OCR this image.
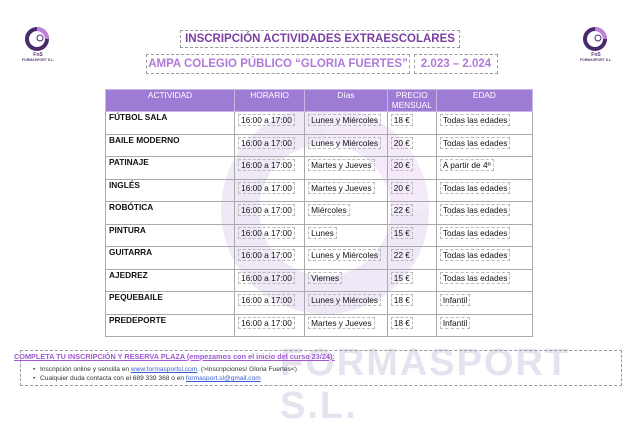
FnS
FORMASPORT S.L.
FnS
FORMASPORT S.L.
INSCRIPCIÓN ACTIVIDADES EXTRAESCOLARES
AMPA COLEGIO PÚBLICO “GLORIA FUERTES”	2.023 – 2.024
FORMASPORT S.L.
ACTIVIDAD	HORARIO	Días	PRECIO MENSUAL	EDAD
FÚTBOL SALA	16:00 a 17:00	Lunes y Miércoles	18 €	Todas las edades
BAILE MODERNO	16:00 a 17:00	Lunes y Miércoles	20 €	Todas las edades
PATINAJE	16:00 a 17:00	Martes y Jueves	20 €	A partir de 4º
INGLÉS	16:00 a 17:00	Martes y Jueves	20 €	Todas las edades
ROBÓTICA	16:00 a 17:00	Miércoles	22 €	Todas las edades
PINTURA	16:00 a 17:00	Lunes	15 €	Todas las edades
GUITARRA	16:00 a 17:00	Lunes y Miércoles	22 €	Todas las edades
AJEDREZ	16:00 a 17:00	Viernes	15 €	Todas las edades
PEQUEBAILE	16:00 a 17:00	Lunes y Miércoles	18 €	Infantil
PREDEPORTE	16:00 a 17:00	Martes y Jueves	18 €	Infantil
COMPLETA TU INSCRIPCIÓN Y RESERVA PLAZA (empezamos con el inicio del curso 23/24):
• Inscripción online y sencilla en www.formasportsl.com. (>Inscripciones/ Gloria Fuertes<)
• Cualquier duda contacta con el 689 339 368 o en formasport.sl@gmail.com
